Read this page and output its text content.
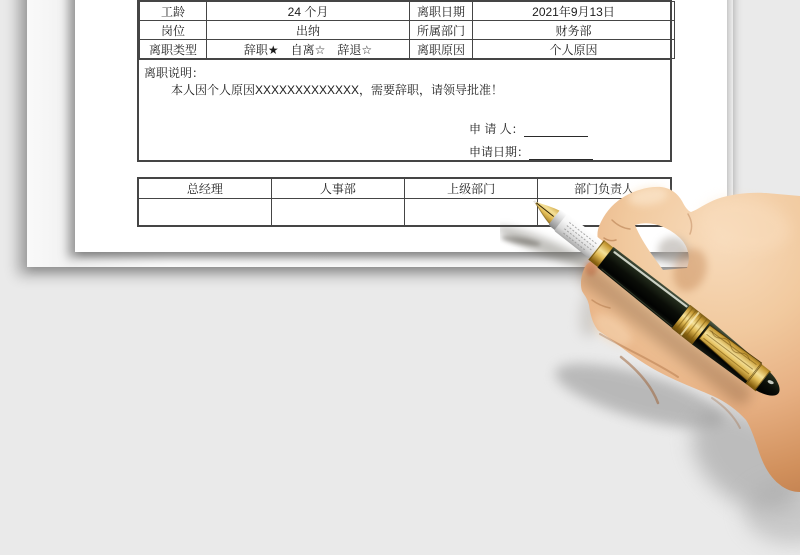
工龄	24 个月	离职日期	2021年9月13日
岗位	出纳	所属部门	财务部
离职类型	辞职★　自离☆　辞退☆	离职原因	个人原因
离职说明：
本人因个人原因XXXXXXXXXXXXX，需要辞职，请领导批准！
申 请 人：
申请日期：
总经理	人事部	上级部门	部门负责人
